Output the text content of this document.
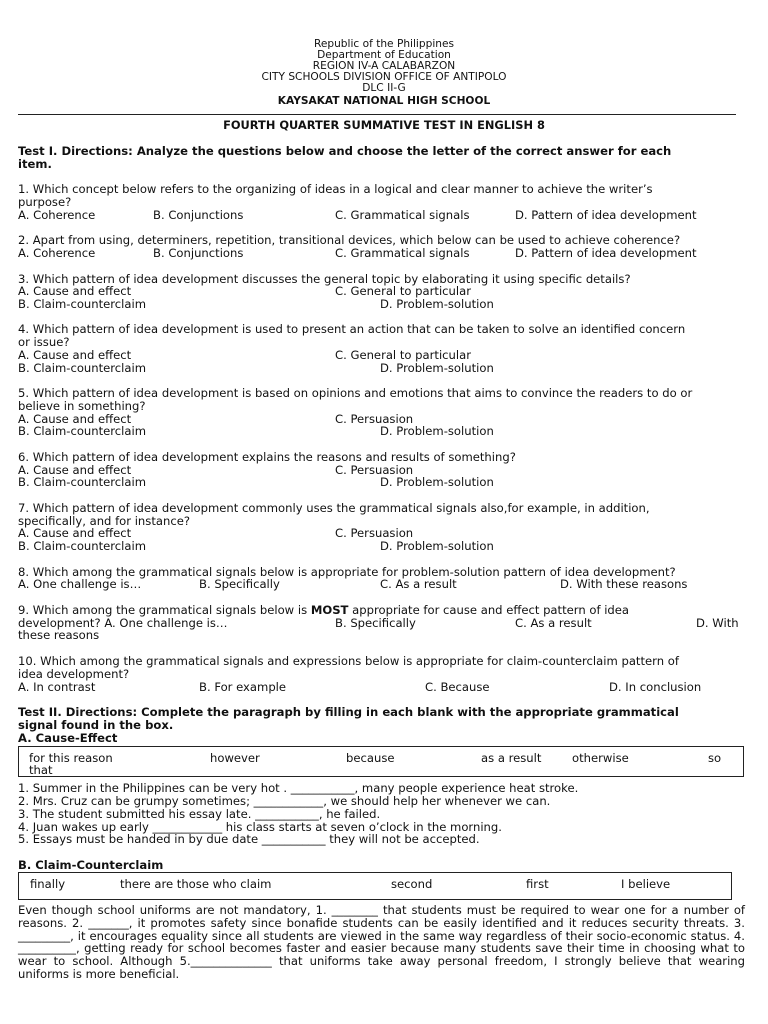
Republic of the Philippines
Department of Education
REGION IV-A CALABARZON
CITY SCHOOLS DIVISION OFFICE OF ANTIPOLO
DLC II-G
KAYSAKAT NATIONAL HIGH SCHOOL
FOURTH QUARTER SUMMATIVE TEST IN ENGLISH 8
Test I. Directions: Analyze the questions below and choose the letter of the correct answer for each
item.
1. Which concept below refers to the organizing of ideas in a logical and clear manner to achieve the writer’s
purpose?
A. Coherence	B. Conjunctions	C. Grammatical signals	D. Pattern of idea development
2. Apart from using, determiners, repetition, transitional devices, which below can be used to achieve coherence?
A. Coherence	B. Conjunctions	C. Grammatical signals	D. Pattern of idea development
3. Which pattern of idea development discusses the general topic by elaborating it using specific details?
A. Cause and effect	C. General to particular
B. Claim-counterclaim	D. Problem-solution
4. Which pattern of idea development is used to present an action that can be taken to solve an identified concern
or issue?
A. Cause and effect	C. General to particular
B. Claim-counterclaim	D. Problem-solution
5. Which pattern of idea development is based on opinions and emotions that aims to convince the readers to do or
believe in something?
A. Cause and effect	C. Persuasion
B. Claim-counterclaim	D. Problem-solution
6. Which pattern of idea development explains the reasons and results of something?
A. Cause and effect	C. Persuasion
B. Claim-counterclaim	D. Problem-solution
7. Which pattern of idea development commonly uses the grammatical signals also,for example, in addition,
specifically, and for instance?
A. Cause and effect	C. Persuasion
B. Claim-counterclaim	D. Problem-solution
8. Which among the grammatical signals below is appropriate for problem-solution pattern of idea development?
A. One challenge is…	B. Specifically	C. As a result	D. With these reasons
9. Which among the grammatical signals below is MOST appropriate for cause and effect pattern of idea
development? A. One challenge is…	B. Specifically	C. As a result	D. With
these reasons
10. Which among the grammatical signals and expressions below is appropriate for claim-counterclaim pattern of
idea development?
A. In contrast	B. For example	C. Because	D. In conclusion
Test II. Directions: Complete the paragraph by filling in each blank with the appropriate grammatical
signal found in the box.
A. Cause-Effect
for this reason	however	because	as a result	otherwise	so
that
1. Summer in the Philippines can be very hot . ___________, many people experience heat stroke.
2. Mrs. Cruz can be grumpy sometimes; ____________, we should help her whenever we can.
3. The student submitted his essay late. ___________, he failed.
4. Juan wakes up early ____________ his class starts at seven o’clock in the morning.
5. Essays must be handed in by due date ___________ they will not be accepted.
B. Claim-Counterclaim
finally	there are those who claim	second	first	I believe
Even though school uniforms are not mandatory, 1. ________ that students must be required to wear one for a number of reasons. 2. _______, it promotes safety since bonafide students can be easily identified and it reduces security threats. 3. _________, it encourages equality since all students are viewed in the same way regardless of their socio-economic status. 4. __________, getting ready for school becomes faster and easier because many students save their time in choosing what to wear to school. Although 5.______________ that uniforms take away personal freedom, I strongly believe that wearing uniforms is more beneficial.
